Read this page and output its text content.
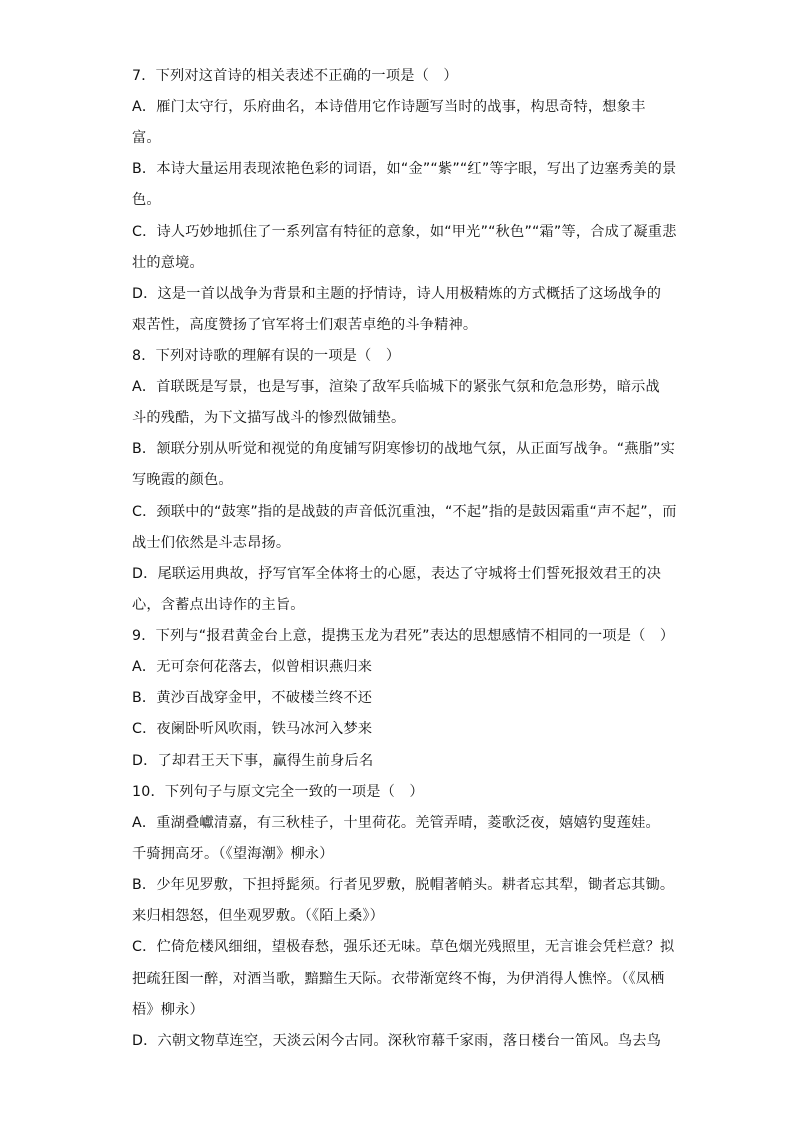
7．下列对这首诗的相关表述不正确的一项是（　）
A．雁门太守行，乐府曲名，本诗借用它作诗题写当时的战事，构思奇特，想象丰
富。
B．本诗大量运用表现浓艳色彩的词语，如“金”“紫”“红”等字眼，写出了边塞秀美的景
色。
C．诗人巧妙地抓住了一系列富有特征的意象，如“甲光”“秋色”“霜”等，合成了凝重悲
壮的意境。
D．这是一首以战争为背景和主题的抒情诗，诗人用极精炼的方式概括了这场战争的
艰苦性，高度赞扬了官军将士们艰苦卓绝的斗争精神。
8．下列对诗歌的理解有误的一项是（　）
A．首联既是写景，也是写事，渲染了敌军兵临城下的紧张气氛和危急形势，暗示战
斗的残酷，为下文描写战斗的惨烈做铺垫。
B．颔联分别从听觉和视觉的角度铺写阴寒惨切的战地气氛，从正面写战争。“燕脂”实
写晚霞的颜色。
C．颈联中的“鼓寒”指的是战鼓的声音低沉重浊，“不起”指的是鼓因霜重“声不起”，而
战士们依然是斗志昂扬。
D．尾联运用典故，抒写官军全体将士的心愿，表达了守城将士们誓死报效君王的决
心，含蓄点出诗作的主旨。
9．下列与“报君黄金台上意，提携玉龙为君死”表达的思想感情不相同的一项是（　）
A．无可奈何花落去，似曾相识燕归来
B．黄沙百战穿金甲，不破楼兰终不还
C．夜阑卧听风吹雨，铁马冰河入梦来
D．了却君王天下事，赢得生前身后名
10．下列句子与原文完全一致的一项是（　）
A．重湖叠巘清嘉，有三秋桂子，十里荷花。羌管弄晴，菱歌泛夜，嬉嬉钓叟莲娃。
千骑拥高牙。（《望海潮》柳永）
B．少年见罗敷，下担捋髭须。行者见罗敷，脱帽著帩头。耕者忘其犁，锄者忘其锄。
来归相怨怒，但坐观罗敷。（《陌上桑》）
C．伫倚危楼风细细，望极春愁，强乐还无味。草色烟光残照里，无言谁会凭栏意？拟
把疏狂图一醉，对酒当歌，黯黯生天际。衣带渐宽终不悔，为伊消得人憔悴。（《凤栖
梧》柳永）
D．六朝文物草连空，天淡云闲今古同。深秋帘幕千家雨，落日楼台一笛风。鸟去鸟
